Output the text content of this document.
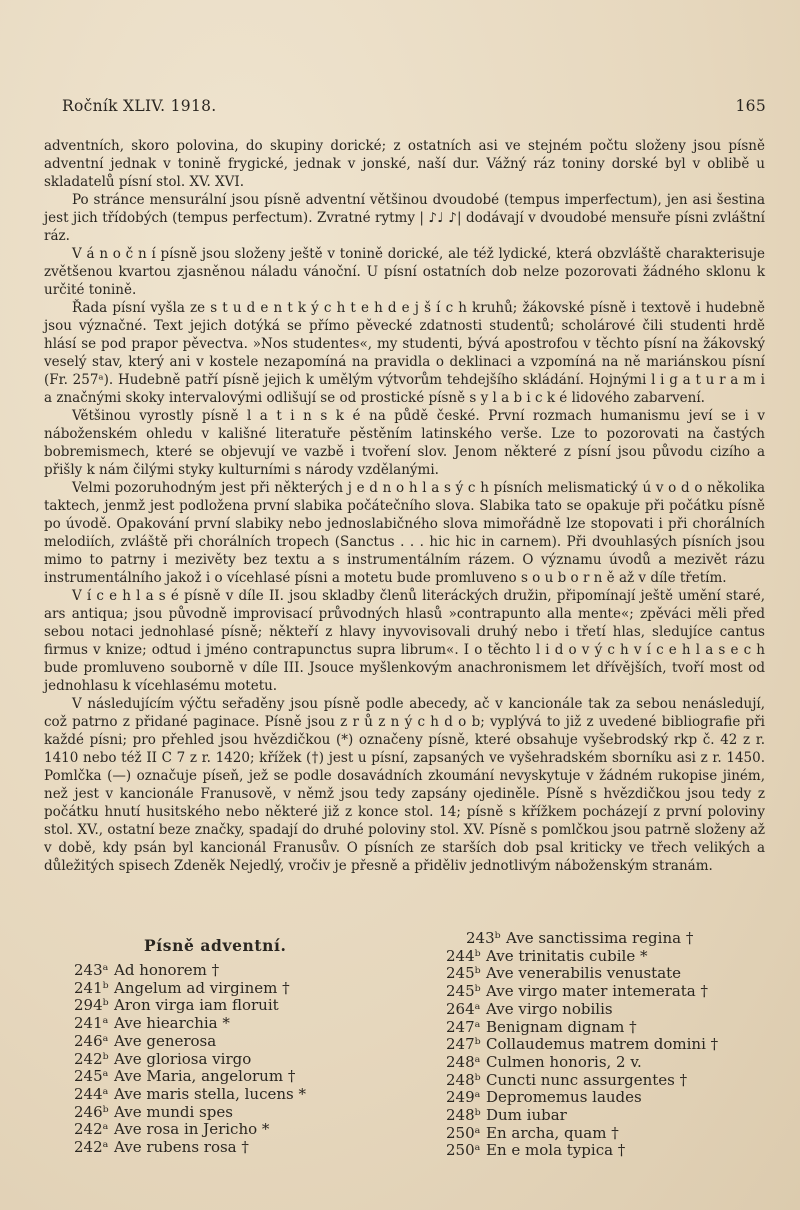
Ročník XLIV. 1918.	165

adventních, skoro polovina, do skupiny dorické; z ostatních asi ve stejném počtu složeny jsou písně adventní jednak v tonině frygické, jednak v jonské, naší dur. Vážný ráz toniny dorské byl v oblibě u skladatelů písní stol. XV. XVI.

Po stránce mensurální jsou písně adventní většinou dvoudobé (tempus imperfectum), jen asi šestina jest jich třídobých (tempus perfectum). Zvratné rytmy | ♪♩ ♪| dodávají v dvoudobé mensuře písni zvláštní ráz.

V á n o č n í písně jsou složeny ještě v tonině dorické, ale též lydické, která obzvláště charakterisuje zvětšenou kvartou zjasněnou náladu vánoční. U písní ostatních dob nelze pozorovati žádného sklonu k určité tonině.

Řada písní vyšla ze s t u d e n t k ý c h t e h d e j š í c h kruhů; žákovské písně i textově i hudebně jsou význačné. Text jejich dotýká se přímo pěvecké zdatnosti studentů; scholárové čili studenti hrdě hlásí se pod prapor pěvectva. »Nos studentes«, my studenti, bývá apostrofou v těchto písní na žákovský veselý stav, který ani v kostele nezapomíná na pravidla o deklinaci a vzpomíná na ně mariánskou písní (Fr. 257ᵃ). Hudebně patří písně jejich k umělým výtvorům tehdejšího skládání. Hojnými l i g a t u r a m i a značnými skoky intervalovými odlišují se od prostické písně s y l a b i c k é lidového zabarvení.

Většinou vyrostly písně l a t i n s k é na půdě české. První rozmach humanismu jeví se i v náboženském ohledu v kališné literatuře pěstěním latinského verše. Lze to pozorovati na častých bobremismech, které se objevují ve vazbě i tvoření slov. Jenom některé z písní jsou původu cizího a přišly k nám čilými styky kulturními s národy vzdělanými.

Velmi pozoruhodným jest při některých j e d n o h l a s ý c h písních melismatický ú v o d o několika taktech, jenmž jest podložena první slabika počátečního slova. Slabika tato se opakuje při počátku písně po úvodě. Opakování první slabiky nebo jednoslabičného slova mimořádně lze stopovati i při chorálních melodiích, zvláště při chorálních tropech (Sanctus . . . hic hic in carnem). Při dvouhlasých písních jsou mimo to patrny i mezivěty bez textu a s instrumentálním rázem. O významu úvodů a mezivět rázu instrumentálního jakož i o vícehlasé písni a motetu bude promluveno s o u b o r n ě až v díle třetím.

V í c e h l a s é písně v díle II. jsou skladby členů literáckých družin, připomínají ještě umění staré, ars antiqua; jsou původně improvisací průvodných hlasů »contrapunto alla mente«; zpěváci měli před sebou notaci jednohlasé písně; někteří z hlavy inyvovisovali druhý nebo i třetí hlas, sledujíce cantus firmus v knize; odtud i jméno contrapunctus supra librum«. I o těchto l i d o v ý c h v í c e h l a s e c h bude promluveno souborně v díle III. Jsouce myšlenkovým anachronismem let dřívějších, tvoří most od jednohlasu k vícehlasému motetu.

V následujícím výčtu seřaděny jsou písně podle abecedy, ač v kancionále tak za sebou nenásledují, což patrno z přidané paginace. Písně jsou z r ů z n ý c h d o b; vyplývá to již z uvedené bibliografie při každé písni; pro přehled jsou hvězdičkou (*) označeny písně, které obsahuje vyšebrodský rkp č. 42 z r. 1410 nebo též II C 7 z r. 1420; křížek (†) jest u písní, zapsaných ve vyšehradském sborníku asi z r. 1450. Pomlčka (—) označuje píseň, jež se podle dosavádních zkoumání nevyskytuje v žádném rukopise jiném, než jest v kancionále Franusově, v němž jsou tedy zapsány ojediněle. Písně s hvězdičkou jsou tedy z počátku hnutí husitského nebo některé již z konce stol. 14; písně s křížkem pocházejí z první poloviny stol. XV., ostatní beze značky, spadají do druhé poloviny stol. XV. Písně s pomlčkou jsou patrně složeny až v době, kdy psán byl kancionál Franusův. O písních ze starších dob psal kriticky ve třech velikých a důležitých spisech Zdeněk Nejedlý, vročiv je přesně a přiděliv jednotlivým náboženským stranám.

Písně adventní.
243ᵃ Ad honorem †
241ᵇ Angelum ad virginem †
294ᵇ Aron virga iam floruit
241ᵃ Ave hiearchia *
246ᵃ Ave generosa
242ᵇ Ave gloriosa virgo
245ᵃ Ave Maria, angelorum †
244ᵃ Ave maris stella, lucens *
246ᵇ Ave mundi spes
242ᵃ Ave rosa in Jericho *
242ᵃ Ave rubens rosa †
243ᵇ Ave sanctissima regina †
244ᵇ Ave trinitatis cubile *
245ᵇ Ave venerabilis venustate
245ᵇ Ave virgo mater intemerata †
264ᵃ Ave virgo nobilis
247ᵃ Benignam dignam †
247ᵇ Collaudemus matrem domini †
248ᵃ Culmen honoris, 2 v.
248ᵇ Cuncti nunc assurgentes †
249ᵃ Depromemus laudes
248ᵇ Dum iubar
250ᵃ En archa, quam †
250ᵃ En e mola typica †
